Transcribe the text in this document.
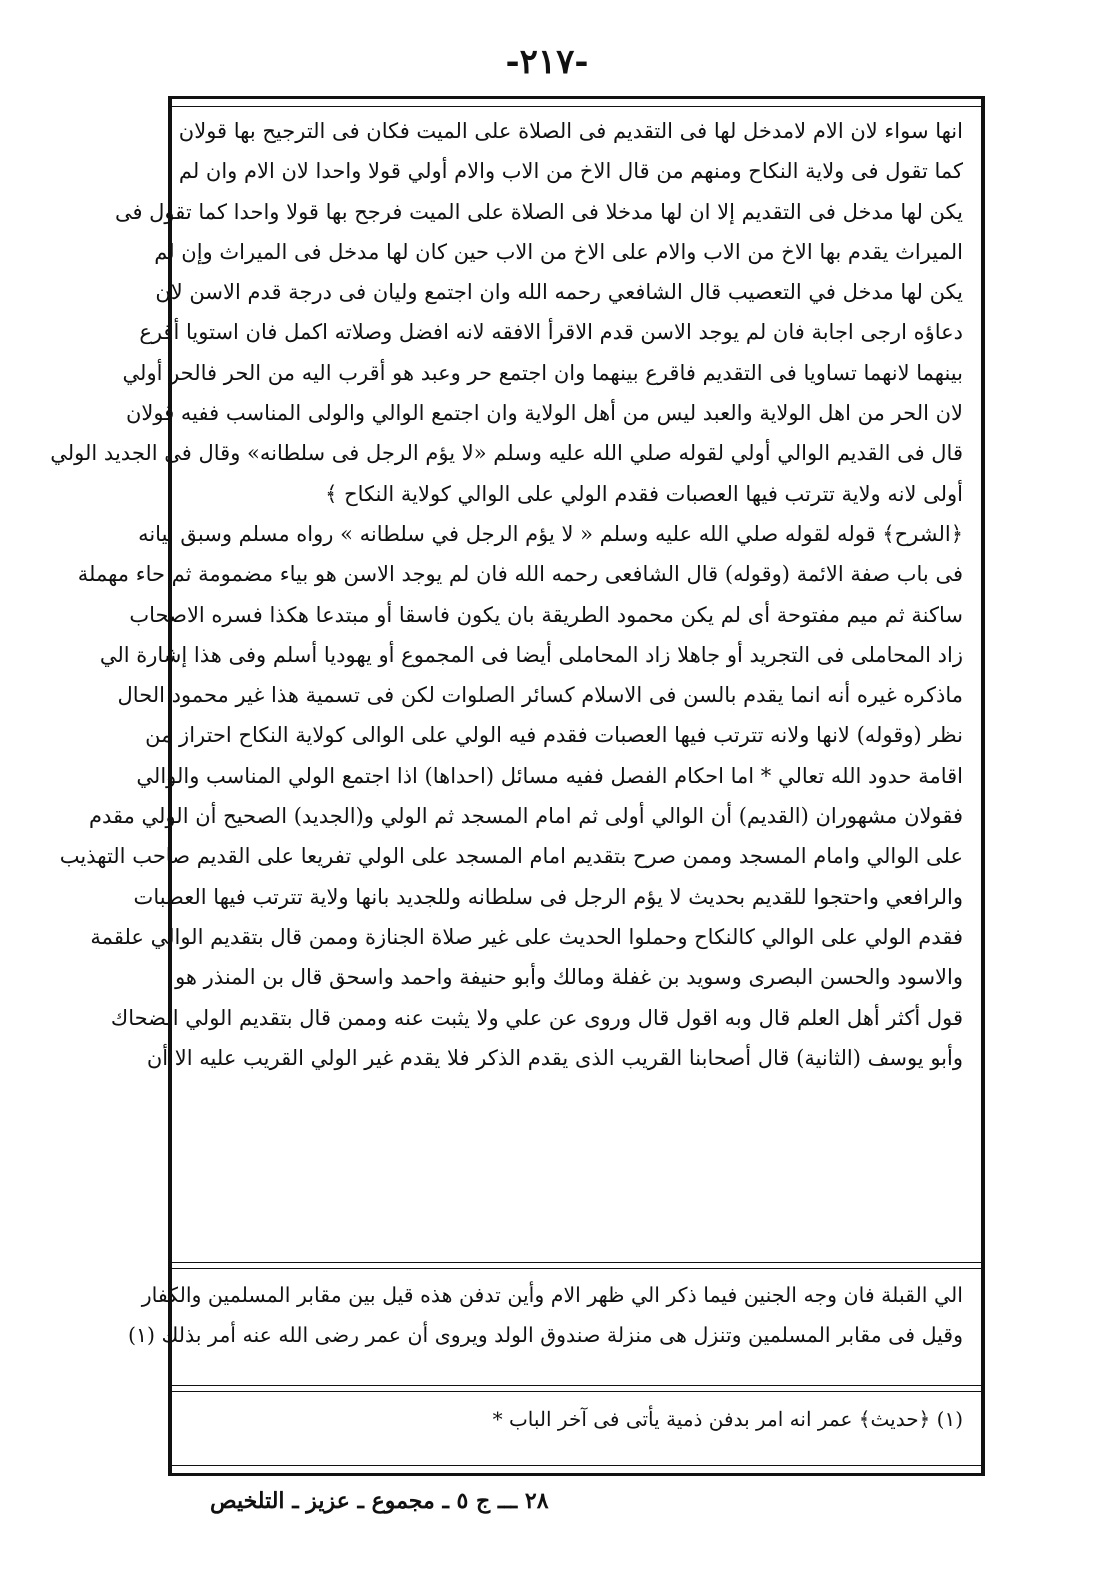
-٢١٧-
انها سواء لان الام لامدخل لها فى التقديم فى الصلاة على الميت فكان فى الترجيح بها قولان
كما تقول فى ولاية النكاح ومنهم من قال الاخ من الاب والام أولي قولا واحدا لان الام وان لم
يكن لها مدخل فى التقديم إلا ان لها مدخلا فى الصلاة على الميت فرجح بها قولا واحدا كما تقول فى
الميراث يقدم بها الاخ من الاب والام على الاخ من الاب حين كان لها مدخل فى الميراث وإن لم
يكن لها مدخل في التعصيب قال الشافعي رحمه الله وان اجتمع وليان فى درجة قدم الاسن لان
دعاؤه ارجى اجابة فان لم يوجد الاسن قدم الاقرأ الافقه لانه افضل وصلاته اكمل فان استويا أقرع
بينهما لانهما تساويا فى التقديم فاقرع بينهما وان اجتمع حر وعبد هو أقرب اليه من الحر فالحر أولي
لان الحر من اهل الولاية والعبد ليس من أهل الولاية وان اجتمع الوالي والولى المناسب ففيه قولان
قال فى القديم الوالي أولي لقوله صلي الله عليه وسلم «لا يؤم الرجل فى سلطانه» وقال فى الجديد الولي
أولى لانه ولاية تترتب فيها العصبات فقدم الولي على الوالي كولاية النكاح ﴾
﴿الشرح﴾ قوله لقوله صلي الله عليه وسلم « لا يؤم الرجل في سلطانه » رواه مسلم وسبق بيانه
فى باب صفة الائمة (وقوله) قال الشافعى رحمه الله فان لم يوجد الاسن هو بياء مضمومة ثم حاء مهملة
ساكنة ثم ميم مفتوحة أى لم يكن محمود الطريقة بان يكون فاسقا أو مبتدعا هكذا فسره الاصحاب
زاد المحاملى فى التجريد أو جاهلا زاد المحاملى أيضا فى المجموع أو يهوديا أسلم وفى هذا إشارة الي
ماذكره غيره أنه انما يقدم بالسن فى الاسلام كسائر الصلوات لكن فى تسمية هذا غير محمود الحال
نظر (وقوله) لانها ولانه تترتب فيها العصبات فقدم فيه الولي على الوالى كولاية النكاح احتراز من
اقامة حدود الله تعالي * اما احكام الفصل ففيه مسائل (احداها) اذا اجتمع الولي المناسب والوالي
فقولان مشهوران (القديم) أن الوالي أولى ثم امام المسجد ثم الولي و(الجديد) الصحيح أن الولي مقدم
على الوالي وامام المسجد وممن صرح بتقديم امام المسجد على الولي تفريعا على القديم صاحب التهذيب
والرافعي واحتجوا للقديم بحديث لا يؤم الرجل فى سلطانه وللجديد بانها ولاية تترتب فيها العصبات
فقدم الولي على الوالي كالنكاح وحملوا الحديث على غير صلاة الجنازة وممن قال بتقديم الوالي علقمة
والاسود والحسن البصرى وسويد بن غفلة ومالك وأبو حنيفة واحمد واسحق قال بن المنذر هو
قول أكثر أهل العلم قال وبه اقول قال وروى عن علي ولا يثبت عنه وممن قال بتقديم الولي الضحاك
وأبو يوسف (الثانية) قال أصحابنا القريب الذى يقدم الذكر فلا يقدم غير الولي القريب عليه الا أن
الي القبلة فان وجه الجنين فيما ذكر الي ظهر الام وأين تدفن هذه قيل بين مقابر المسلمين والكفار
وقيل فى مقابر المسلمين وتنزل هى منزلة صندوق الولد ويروى أن عمر رضى الله عنه أمر بذلك (١)
(١) ﴿حديث﴾ عمر انه امر بدفن ذمية يأتى فى آخر الباب *
٢٨ ـــ ج ٥ ـ مجموع ـ عزيز ـ التلخيص
